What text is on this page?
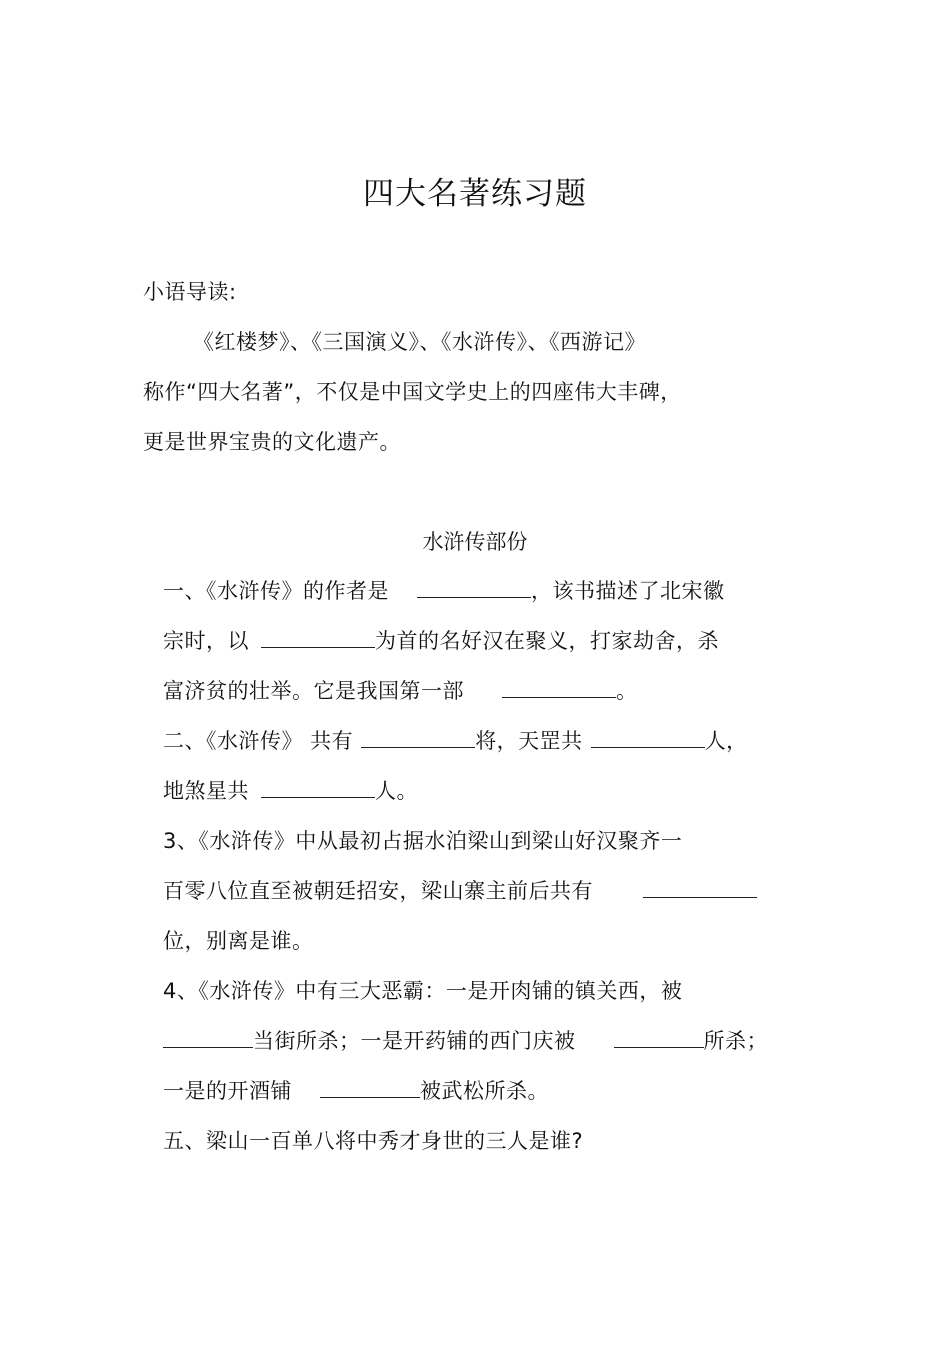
四大名著练习题
小语导读:
《红楼梦》、《三国演义》、《水浒传》、《西游记》
称作“四大名著”，不仅是中国文学史上的四座伟大丰碑，
更是世界宝贵的文化遗产。
水浒传部份
一、《水浒传》的作者是	，该书描述了北宋徽
宗时，以	为首的名好汉在聚义，打家劫舍，杀
富济贫的壮举。它是我国第一部	。
二、《水浒传》 共有	将，天罡共	人，
地煞星共	人。
3、《水浒传》中从最初占据水泊梁山到梁山好汉聚齐一
百零八位直至被朝廷招安，梁山寨主前后共有
位，别离是谁。
4、《水浒传》中有三大恶霸：一是开肉铺的镇关西，被
当街所杀；一是开药铺的西门庆被	所杀；
一是的开酒铺	被武松所杀。
五、梁山一百单八将中秀才身世的三人是谁?
